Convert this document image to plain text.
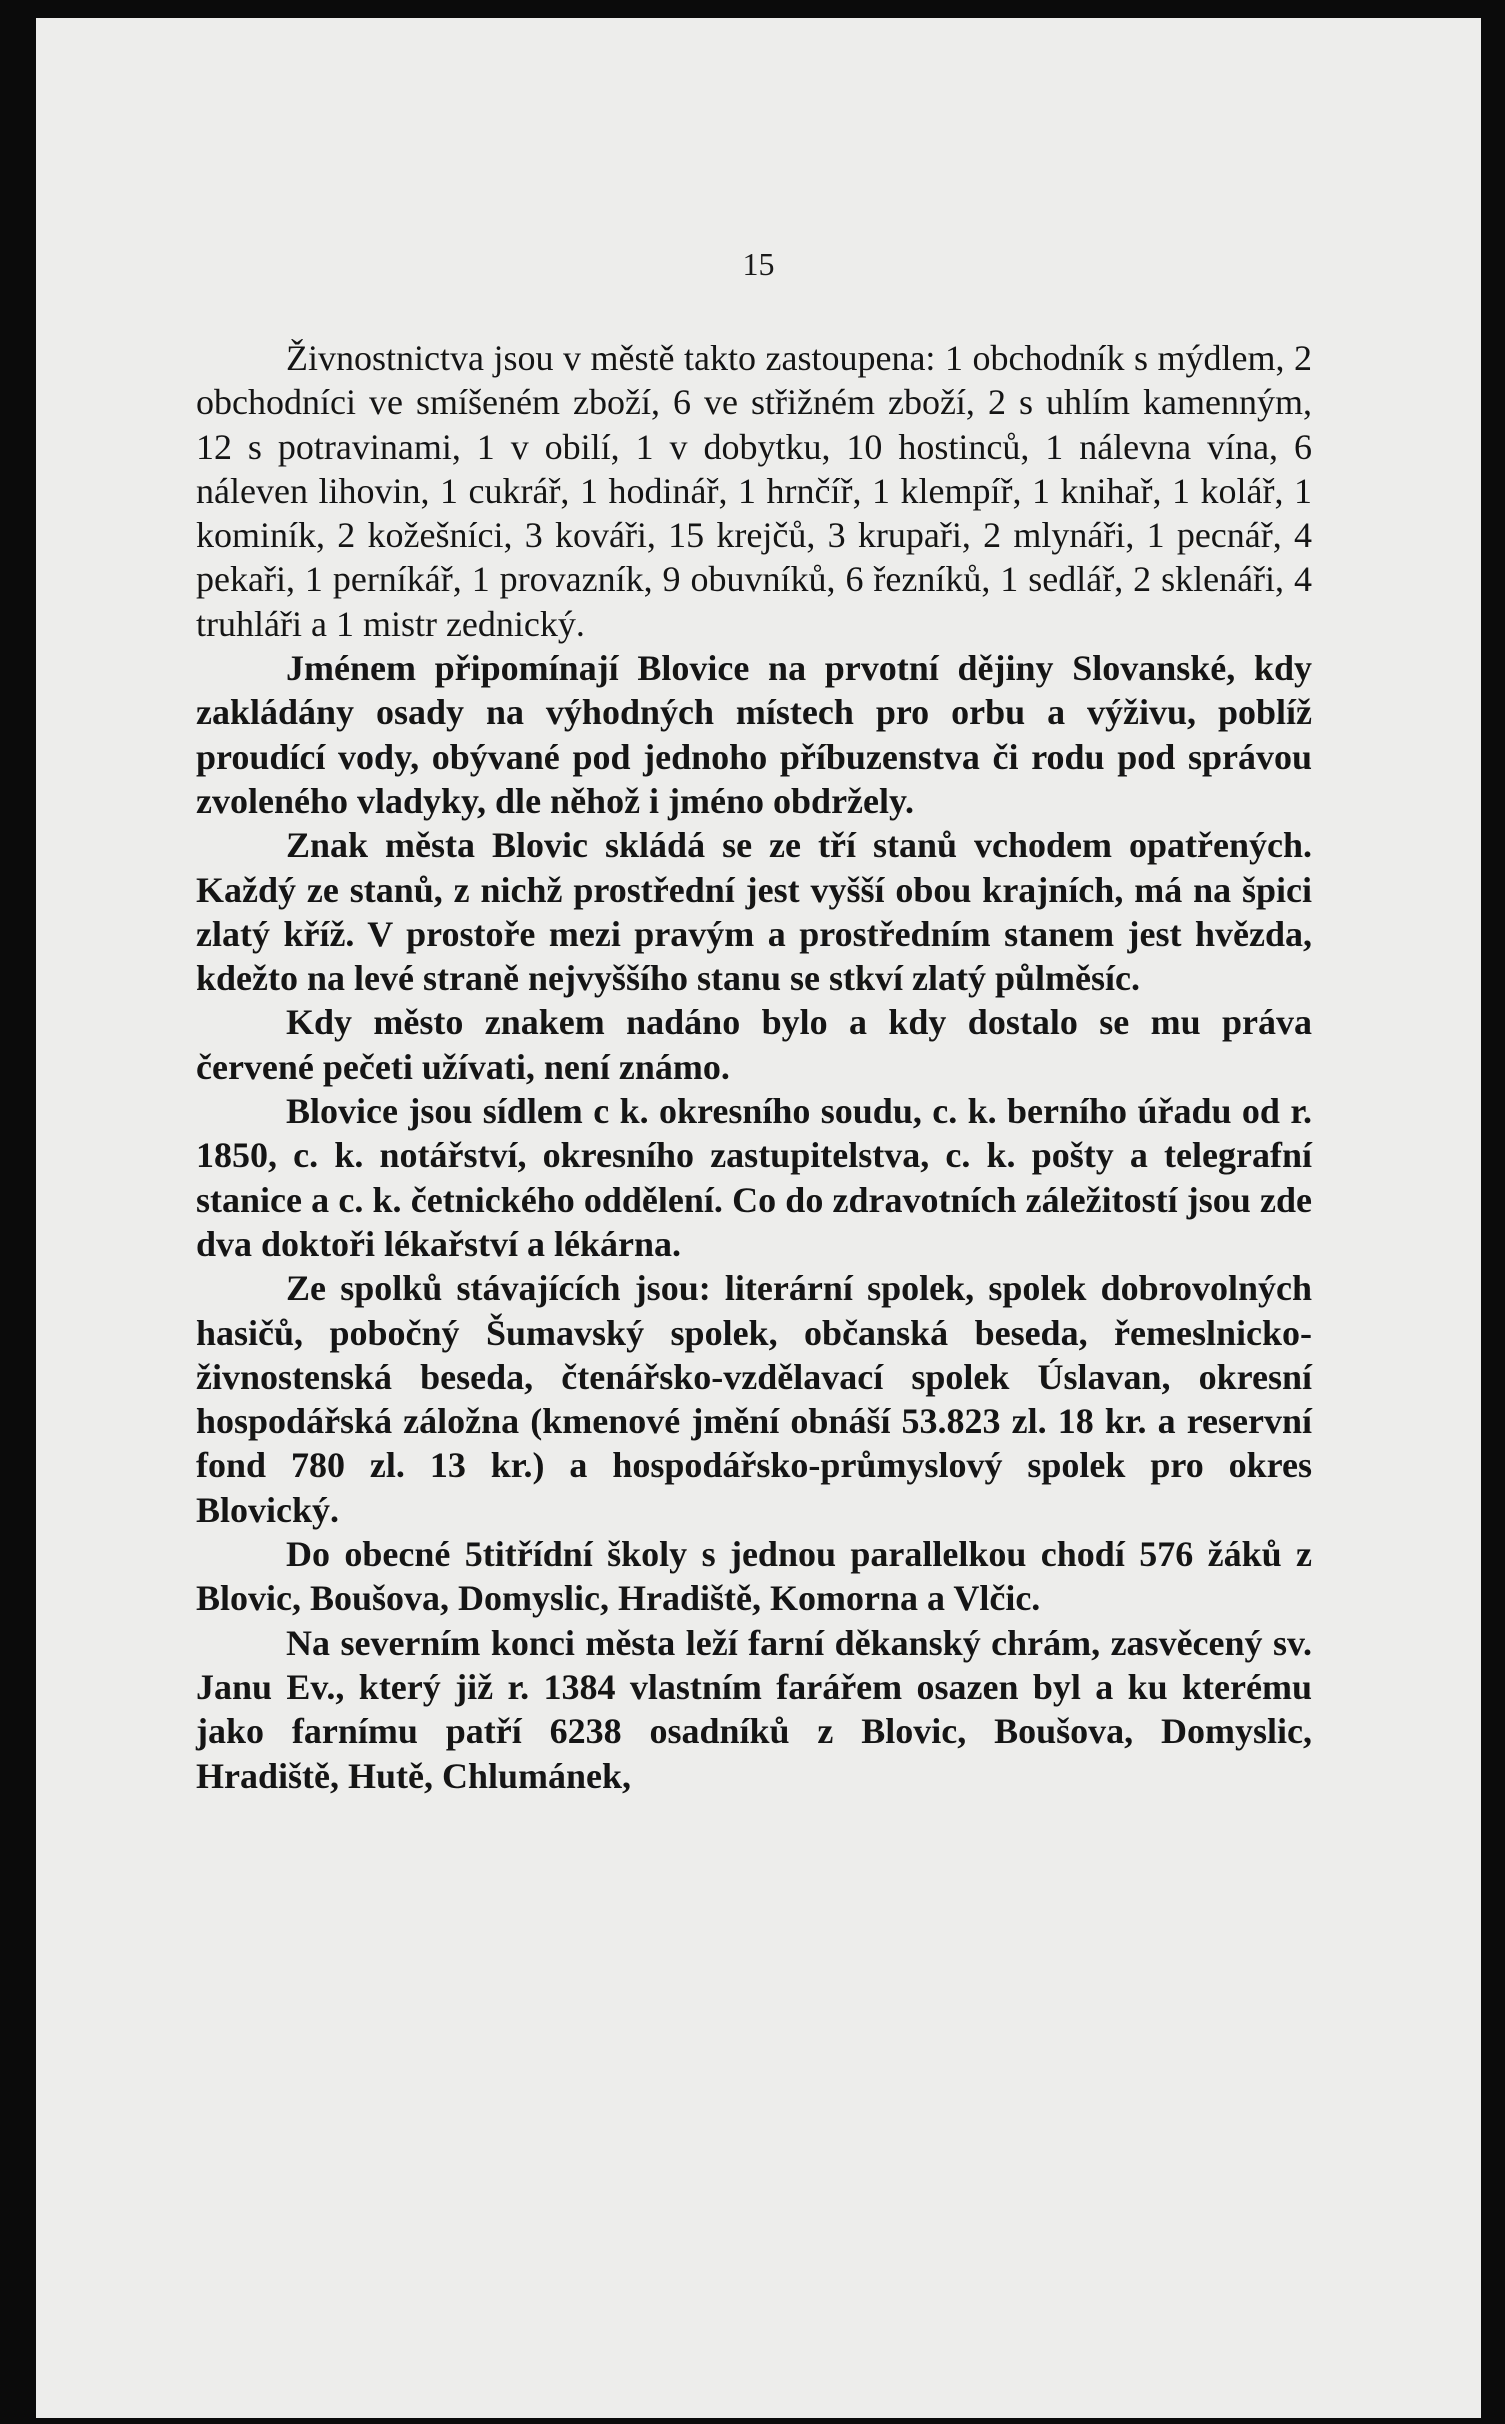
15

Živnostnictva jsou v městě takto zastoupena: 1 obchodník s mýdlem, 2 obchodníci ve smíšeném zboží, 6 ve střižném zboží, 2 s uhlím kamenným, 12 s potravinami, 1 v obilí, 1 v dobytku, 10 hostinců, 1 nálevna vína, 6 náleven lihovin, 1 cukrář, 1 hodinář, 1 hrnčíř, 1 klempíř, 1 knihař, 1 kolář, 1 kominík, 2 kožešníci, 3 kováři, 15 krejčů, 3 krupaři, 2 mlynáři, 1 pecnář, 4 pekaři, 1 perníkář, 1 provazník, 9 obuvníků, 6 řezníků, 1 sedlář, 2 sklenáři, 4 truhláři a 1 mistr zednický.

Jménem připomínají Blovice na prvotní dějiny Slovanské, kdy zakládány osady na výhodných místech pro orbu a výživu, poblíž proudící vody, obývané pod jednoho příbuzenstva či rodu pod správou zvoleného vladyky, dle něhož i jméno obdržely.

Znak města Blovic skládá se ze tří stanů vchodem opatřených. Každý ze stanů, z nichž prostřední jest vyšší obou krajních, má na špici zlatý kříž. V prostoře mezi pravým a prostředním stanem jest hvězda, kdežto na levé straně nejvyššího stanu se stkví zlatý půlměsíc.

Kdy město znakem nadáno bylo a kdy dostalo se mu práva červené pečeti užívati, není známo.

Blovice jsou sídlem c k. okresního soudu, c. k. berního úřadu od r. 1850, c. k. notářství, okresního zastupitelstva, c. k. pošty a telegrafní stanice a c. k. četnického oddělení. Co do zdravotních záležitostí jsou zde dva doktoři lékařství a lékárna.

Ze spolků stávajících jsou: literární spolek, spolek dobrovolných hasičů, pobočný Šumavský spolek, občanská beseda, řemeslnicko-živnostenská beseda, čtenářsko-vzdělavací spolek Úslavan, okresní hospodářská záložna (kmenové jmění obnáší 53.823 zl. 18 kr. a reservní fond 780 zl. 13 kr.) a hospodářsko-průmyslový spolek pro okres Blovický.

Do obecné 5titřídní školy s jednou parallelkou chodí 576 žáků z Blovic, Boušova, Domyslic, Hradiště, Komorna a Vlčic.

Na severním konci města leží farní děkanský chrám, zasvěcený sv. Janu Ev., který již r. 1384 vlastním farářem osazen byl a ku kterému jako farnímu patří 6238 osadníků z Blovic, Boušova, Domyslic, Hradiště, Hutě, Chlumánek,
